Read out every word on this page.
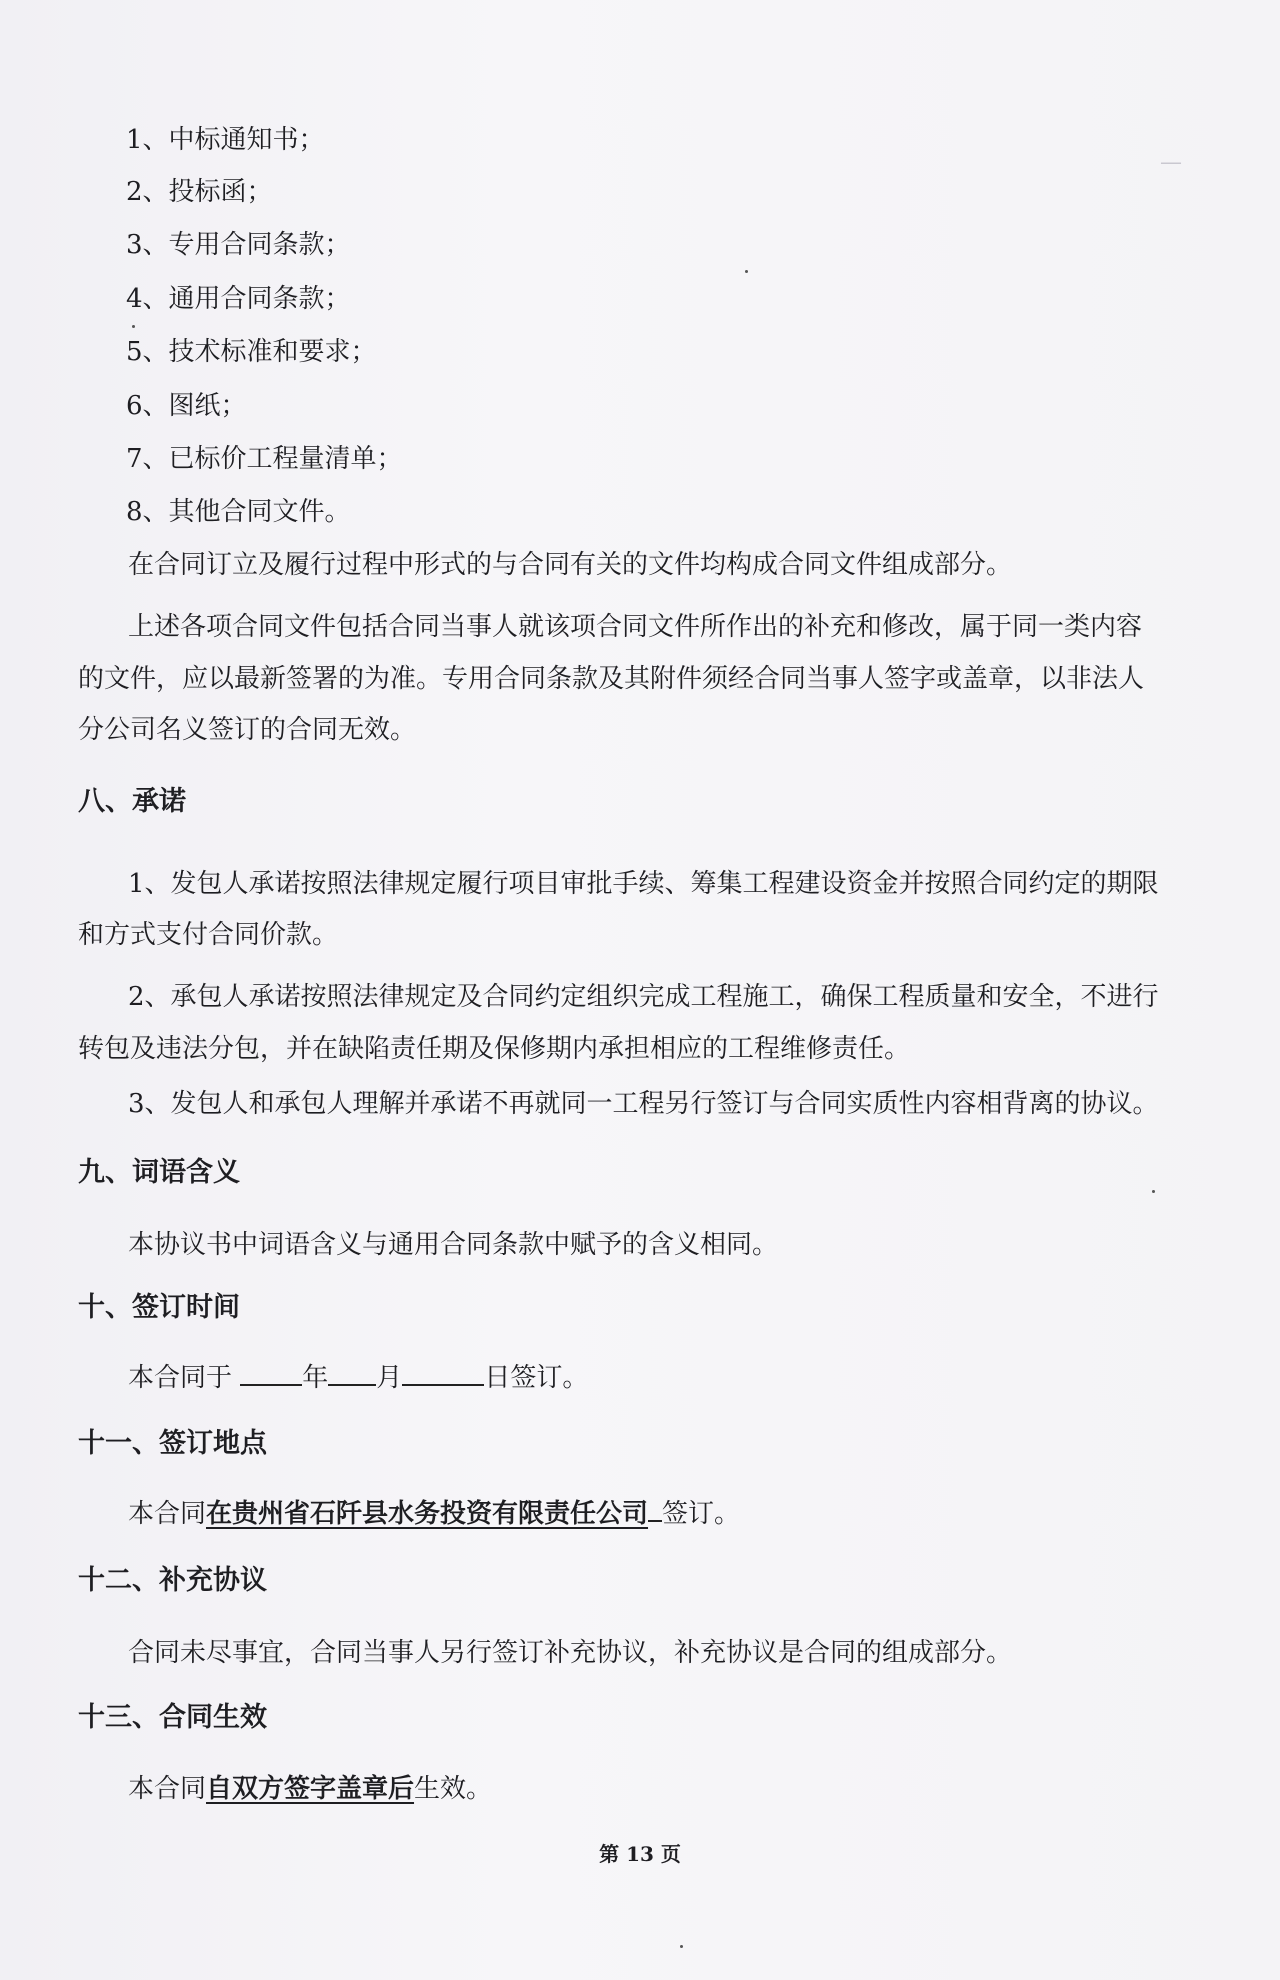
—
1、中标通知书；
2、投标函；
3、专用合同条款；
4、通用合同条款；
5、技术标准和要求；
6、图纸；
7、已标价工程量清单；
8、其他合同文件。
在合同订立及履行过程中形式的与合同有关的文件均构成合同文件组成部分。
上述各项合同文件包括合同当事人就该项合同文件所作出的补充和修改，属于同一类内容
的文件，应以最新签署的为准。专用合同条款及其附件须经合同当事人签字或盖章，以非法人
分公司名义签订的合同无效。
八、承诺
1、发包人承诺按照法律规定履行项目审批手续、筹集工程建设资金并按照合同约定的期限
和方式支付合同价款。
2、承包人承诺按照法律规定及合同约定组织完成工程施工，确保工程质量和安全，不进行
转包及违法分包，并在缺陷责任期及保修期内承担相应的工程维修责任。
3、发包人和承包人理解并承诺不再就同一工程另行签订与合同实质性内容相背离的协议。
九、词语含义
本协议书中词语含义与通用合同条款中赋予的含义相同。
十、签订时间
本合同于	年 月	日签订。
十一、签订地点
本合同在贵州省石阡县水务投资有限责任公司 签订。
十二、补充协议
合同未尽事宜，合同当事人另行签订补充协议，补充协议是合同的组成部分。
十三、合同生效
本合同自双方签字盖章后生效。
第 13 页
